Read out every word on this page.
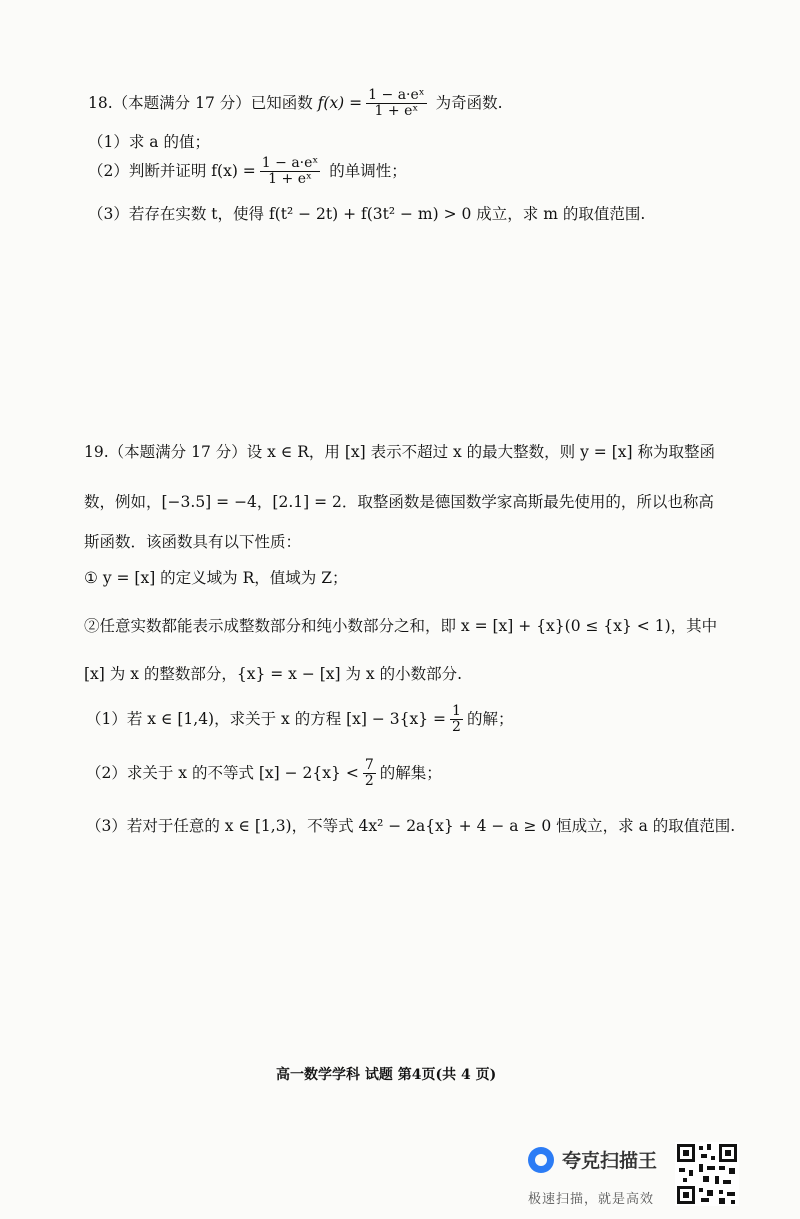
18.（本题满分 17 分）已知函数 $f(x) = \frac{\text{1 − a·eˣ}}{\text{1 + eˣ}}$ 为奇函数.
（1）求 a 的值；
（2）判断并证明 $f(x) = \frac{\text{1 − a·eˣ}}{\text{1 + eˣ}}$ 的单调性；
（3）若存在实数 t，使得 f(t² − 2t) + f(3t² − m) > 0 成立，求 m 的取值范围.
19.（本题满分 17 分）设 x ∈ R，用 [x] 表示不超过 x 的最大整数，则 y = [x] 称为取整函
数，例如，[−3.5] = −4，[2.1] = 2．取整函数是德国数学家高斯最先使用的，所以也称高
斯函数．该函数具有以下性质：
① y = [x] 的定义域为 R，值域为 Z；
②任意实数都能表示成整数部分和纯小数部分之和，即 x = [x] + {x}(0 ≤ {x} < 1)，其中
[x] 为 x 的整数部分，{x} = x − [x] 为 x 的小数部分.
（1）若 x ∈ [1,4)，求关于 x 的方程 $[x] - 3\{x\} = \frac{1}{2}$ 的解；
（2）求关于 x 的不等式 $[x] - 2\{x\} < \frac{7}{2}$ 的解集；
（3）若对于任意的 x ∈ [1,3)，不等式 4x² − 2a{x} + 4 − a ≥ 0 恒成立，求 a 的取值范围.
高一数学学科 试题 第4页(共 4 页)
夸克扫描王
极速扫描，就是高效
